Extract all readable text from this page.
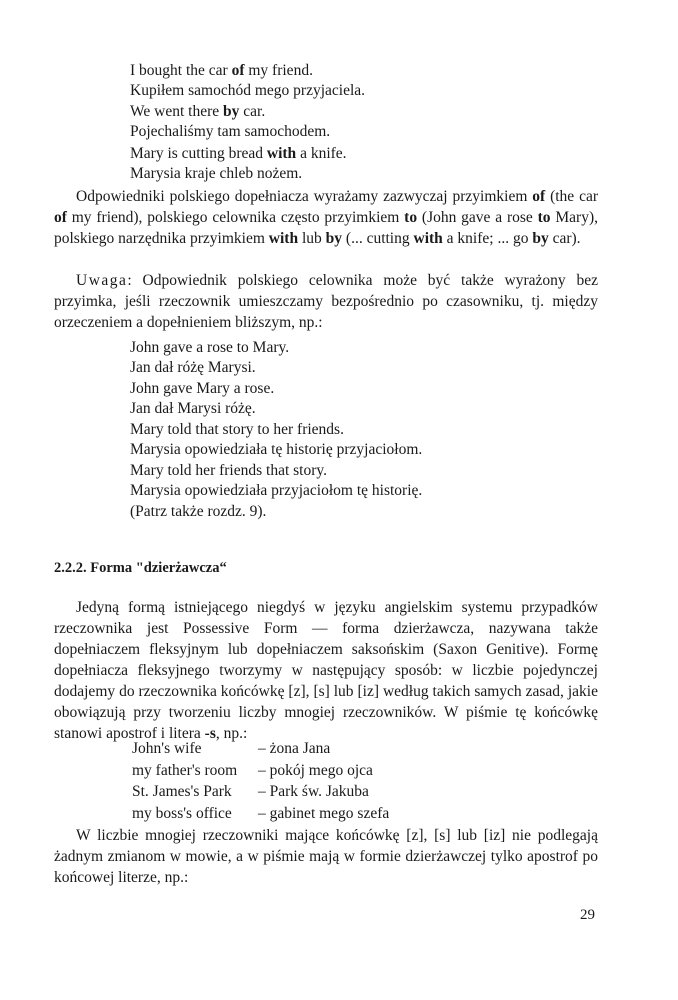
I bought the car of my friend.
Kupiłem samochód mego przyjaciela.
We went there by car.
Pojechaliśmy tam samochodem.
Mary is cutting bread with a knife.
Marysia kraje chleb nożem.
Odpowiedniki polskiego dopełniacza wyrażamy zazwyczaj przyimkiem of (the car of my friend), polskiego celownika często przyimkiem to (John gave a rose to Mary), polskiego narzędnika przyimkiem with lub by (... cutting with a knife; ... go by car).
Uwaga: Odpowiednik polskiego celownika może być także wyrażony bez przyimka, jeśli rzeczownik umieszczamy bezpośrednio po czasowniku, tj. między orzeczeniem a dopełnieniem bliższym, np.:
John gave a rose to Mary.
Jan dał różę Marysi.
John gave Mary a rose.
Jan dał Marysi różę.
Mary told that story to her friends.
Marysia opowiedziała tę historię przyjaciołom.
Mary told her friends that story.
Marysia opowiedziała przyjaciołom tę historię.
(Patrz także rozdz. 9).
2.2.2. Forma "dzierżawcza“
Jedyną formą istniejącego niegdyś w języku angielskim systemu przypadków rzeczownika jest Possessive Form — forma dzierżawcza, nazywana także dopełniaczem fleksyjnym lub dopełniaczem saksońskim (Saxon Genitive). Formę dopełniacza fleksyjnego tworzymy w następujący sposób: w liczbie pojedynczej dodajemy do rzeczownika końcówkę [z], [s] lub [iz] według takich samych zasad, jakie obowiązują przy tworzeniu liczby mnogiej rzeczowników. W piśmie tę końcówkę stanowi apostrof i litera -s, np.:
John's wife	– żona Jana
my father's room	– pokój mego ojca
St. James's Park	– Park św. Jakuba
my boss's office	– gabinet mego szefa
W liczbie mnogiej rzeczowniki mające końcówkę [z], [s] lub [iz] nie podlegają żadnym zmianom w mowie, a w piśmie mają w formie dzierżawczej tylko apostrof po końcowej literze, np.:
29
